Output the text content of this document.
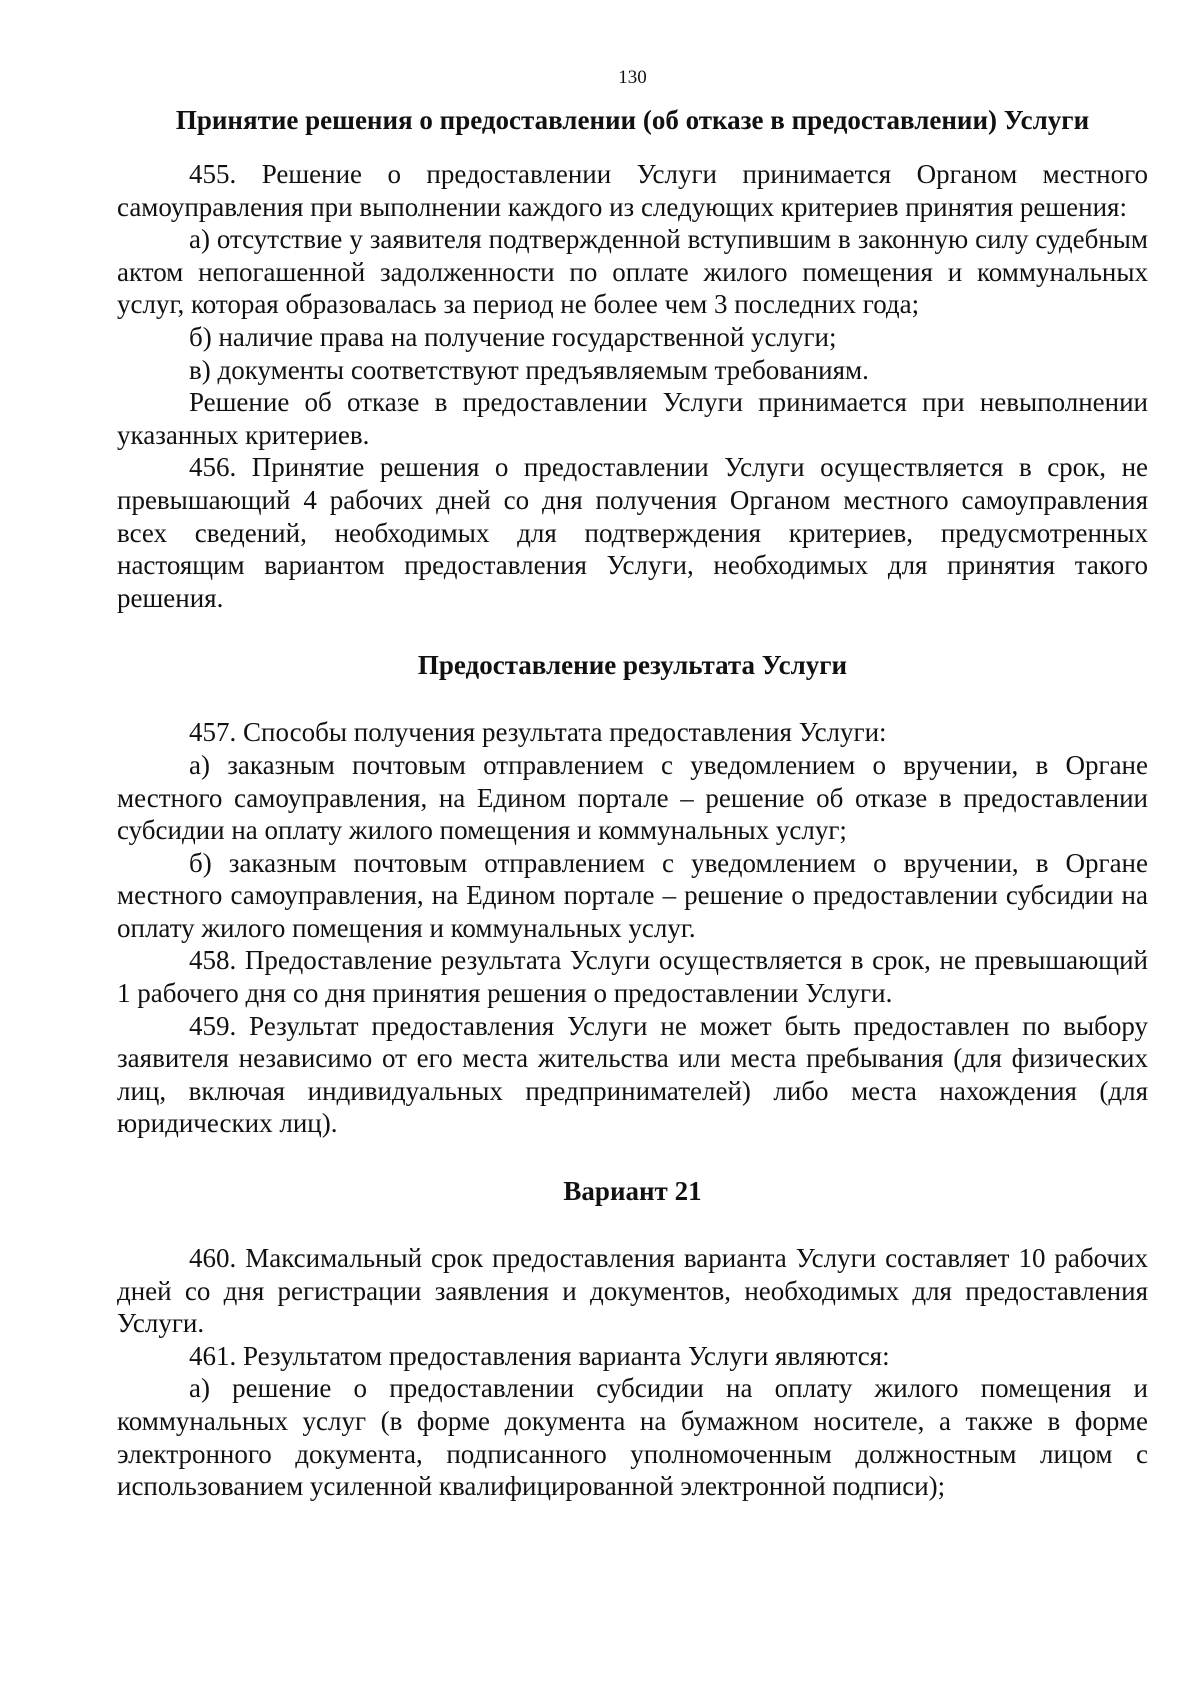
130
Принятие решения о предоставлении (об отказе в предоставлении) Услуги

455. Решение о предоставлении Услуги принимается Органом местного самоуправления при выполнении каждого из следующих критериев принятия решения:

а) отсутствие у заявителя подтвержденной вступившим в законную силу судебным актом непогашенной задолженности по оплате жилого помещения и коммунальных услуг, которая образовалась за период не более чем 3 последних года;

б) наличие права на получение государственной услуги;

в) документы соответствуют предъявляемым требованиям.

Решение об отказе в предоставлении Услуги принимается при невыполнении указанных критериев.

456. Принятие решения о предоставлении Услуги осуществляется в срок, не превышающий 4 рабочих дней со дня получения Органом местного самоуправления всех сведений, необходимых для подтверждения критериев, предусмотренных настоящим вариантом предоставления Услуги, необходимых для принятия такого решения.

Предоставление результата Услуги

457. Способы получения результата предоставления Услуги:

а) заказным почтовым отправлением с уведомлением о вручении, в Органе местного самоуправления, на Едином портале – решение об отказе в предоставлении субсидии на оплату жилого помещения и коммунальных услуг;

б) заказным почтовым отправлением с уведомлением о вручении, в Органе местного самоуправления, на Едином портале – решение о предоставлении субсидии на оплату жилого помещения и коммунальных услуг.

458. Предоставление результата Услуги осуществляется в срок, не превышающий 1 рабочего дня со дня принятия решения о предоставлении Услуги.

459. Результат предоставления Услуги не может быть предоставлен по выбору заявителя независимо от его места жительства или места пребывания (для физических лиц, включая индивидуальных предпринимателей) либо места нахождения (для юридических лиц).

Вариант 21

460. Максимальный срок предоставления варианта Услуги составляет 10 рабочих дней со дня регистрации заявления и документов, необходимых для предоставления Услуги.

461. Результатом предоставления варианта Услуги являются:

а) решение о предоставлении субсидии на оплату жилого помещения и коммунальных услуг (в форме документа на бумажном носителе, а также в форме электронного документа, подписанного уполномоченным должностным лицом с использованием усиленной квалифицированной электронной подписи);
